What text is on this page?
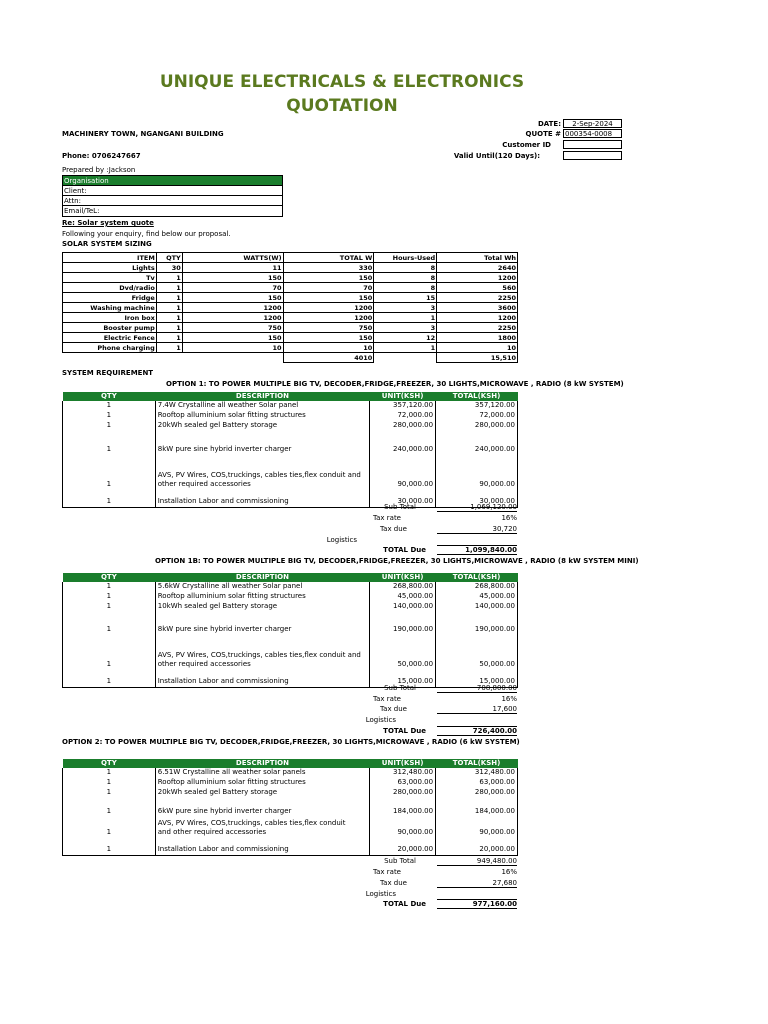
UNIQUE ELECTRICALS & ELECTRONICS
QUOTATION
MACHINERY TOWN, NGANGANI BUILDING
Phone: 0706247667
Prepared by :Jackson
DATE:	2-Sep-2024
QUOTE # 000354-0008
Customer ID
Valid Until(120 Days):
Organisation
Client:
Attn:
Email/TeL:
Re: Solar system quote
Following your enquiry, find below our proposal.
SOLAR SYSTEM SIZING
ITEM	QTY	WATTS(W)	TOTAL W	Hours-Used	Total Wh
Lights	30	11	330	8	2640
Tv	1	150	150	8	1200
Dvd/radio	1	70	70	8	560
Fridge	1	150	150	15	2250
Washing machine	1	1200	1200	3	3600
Iron box	1	1200	1200	1	1200
Booster pump	1	750	750	3	2250
Electric Fence	1	150	150	12	1800
Phone charging	1	10	10	1	10
			4010		15,510
SYSTEM REQUIREMENT
OPTION 1: TO POWER MULTIPLE BIG TV, DECODER,FRIDGE,FREEZER, 30 LIGHTS,MICROWAVE , RADIO (8 kW SYSTEM)
QTY	DESCRIPTION	UNIT(KSH)	TOTAL(KSH)
1	7.4W Crystalline all weather Solar panel	357,120.00	357,120.00
1	Rooftop alluminium solar fitting structures	72,000.00	72,000.00
1	20kWh sealed gel Battery storage	280,000.00	280,000.00
1	8kW pure sine hybrid inverter charger	240,000.00	240,000.00
1	AVS, PV Wires, COS,truckings, cables ties,flex conduit and
other required accessories	90,000.00	90,000.00
1	Installation Labor and commissioning	30,000.00	30,000.00
Sub Total	1,069,120.00
Tax rate	16%
Tax due	30,720
Logistics
TOTAL Due	1,099,840.00
OPTION 1B: TO POWER MULTIPLE BIG TV, DECODER,FRIDGE,FREEZER, 30 LIGHTS,MICROWAVE , RADIO (8 kW SYSTEM MINI)
QTY	DESCRIPTION	UNIT(KSH)	TOTAL(KSH)
1	5.6kW Crystalline all weather Solar panel	268,800.00	268,800.00
1	Rooftop alluminium solar fitting structures	45,000.00	45,000.00
1	10kWh sealed gel Battery storage	140,000.00	140,000.00
1	8kW pure sine hybrid inverter charger	190,000.00	190,000.00
1	AVS, PV Wires, COS,truckings, cables ties,flex conduit and
other required accessories	50,000.00	50,000.00
1	Installation Labor and commissioning	15,000.00	15,000.00
Sub Total	708,800.00
Tax rate	16%
Tax due	17,600
Logistics
TOTAL Due	726,400.00
OPTION 2: TO POWER MULTIPLE BIG TV, DECODER,FRIDGE,FREEZER, 30 LIGHTS,MICROWAVE , RADIO (6 kW SYSTEM)
QTY	DESCRIPTION	UNIT(KSH)	TOTAL(KSH)
1	6.51W Crystalline all weather solar panels	312,480.00	312,480.00
1	Rooftop alluminium solar fitting structures	63,000.00	63,000.00
1	20kWh sealed gel Battery storage	280,000.00	280,000.00
1	6kW pure sine hybrid inverter charger	184,000.00	184,000.00
1	AVS, PV Wires, COS,truckings, cables ties,flex conduit
and other required accessories	90,000.00	90,000.00
1	Installation Labor and commissioning	20,000.00	20,000.00
Sub Total	949,480.00
Tax rate	16%
Tax due	27,680
Logistics
TOTAL Due	977,160.00
